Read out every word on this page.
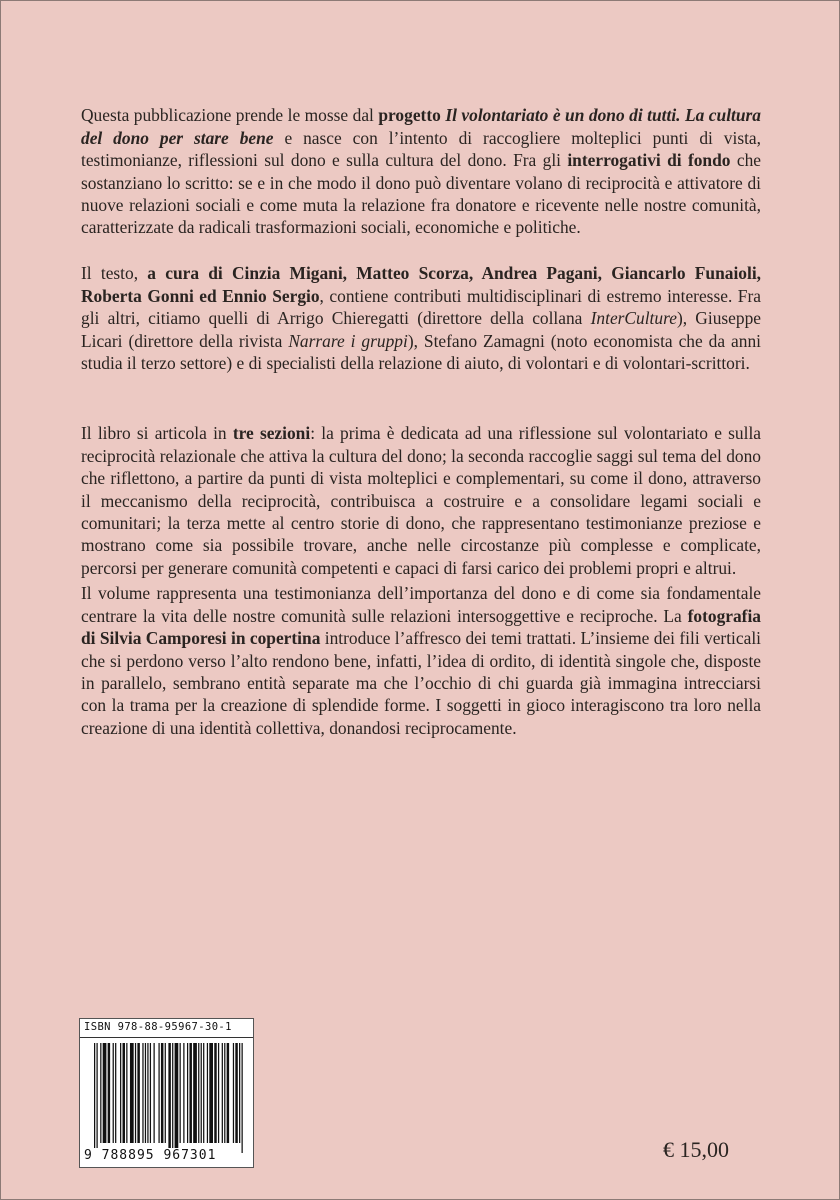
Questa pubblicazione prende le mosse dal progetto Il volontariato è un dono di tutti. La cultura del dono per stare bene e nasce con l’intento di raccogliere molteplici punti di vista, testimonianze, riflessioni sul dono e sulla cultura del dono. Fra gli interrogativi di fondo che sostanziano lo scritto: se e in che modo il dono può diventare volano di reciprocità e attivatore di nuove relazioni sociali e come muta la relazione fra donatore e ricevente nelle nostre comunità, caratterizzate da radicali trasformazioni sociali, economiche e politiche.

Il testo, a cura di Cinzia Migani, Matteo Scorza, Andrea Pagani, Giancarlo Funaioli, Roberta Gonni ed Ennio Sergio, contiene contributi multidisciplinari di estremo interesse. Fra gli altri, citiamo quelli di Arrigo Chieregatti (direttore della collana InterCulture), Giuseppe Licari (direttore della rivista Narrare i gruppi), Stefano Zamagni (noto economista che da anni studia il terzo settore) e di specialisti della relazione di aiuto, di volontari e di volontari-scrittori.

Il libro si articola in tre sezioni: la prima è dedicata ad una riflessione sul volontariato e sulla reciprocità relazionale che attiva la cultura del dono; la seconda raccoglie saggi sul tema del dono che riflettono, a partire da punti di vista molteplici e complementari, su come il dono, attraverso il meccanismo della reciprocità, contribuisca a costruire e a consolidare legami sociali e comunitari; la terza mette al centro storie di dono, che rappresentano testimonianze preziose e mostrano come sia possibile trovare, anche nelle circostanze più complesse e complicate, percorsi per generare comunità competenti e capaci di farsi carico dei problemi propri e altrui.

Il volume rappresenta una testimonianza dell’importanza del dono e di come sia fondamentale centrare la vita delle nostre comunità sulle relazioni intersoggettive e reciproche. La fotografia di Silvia Camporesi in copertina introduce l’affresco dei temi trattati. L’insieme dei fili verticali che si perdono verso l’alto rendono bene, infatti, l’idea di ordito, di identità singole che, disposte in parallelo, sembrano entità separate ma che l’occhio di chi guarda già immagina intrecciarsi con la trama per la creazione di splendide forme. I soggetti in gioco interagiscono tra loro nella creazione di una identità collettiva, donandosi reciprocamente.

ISBN 978-88-95967-30-1
9 788895 967301	€ 15,00
